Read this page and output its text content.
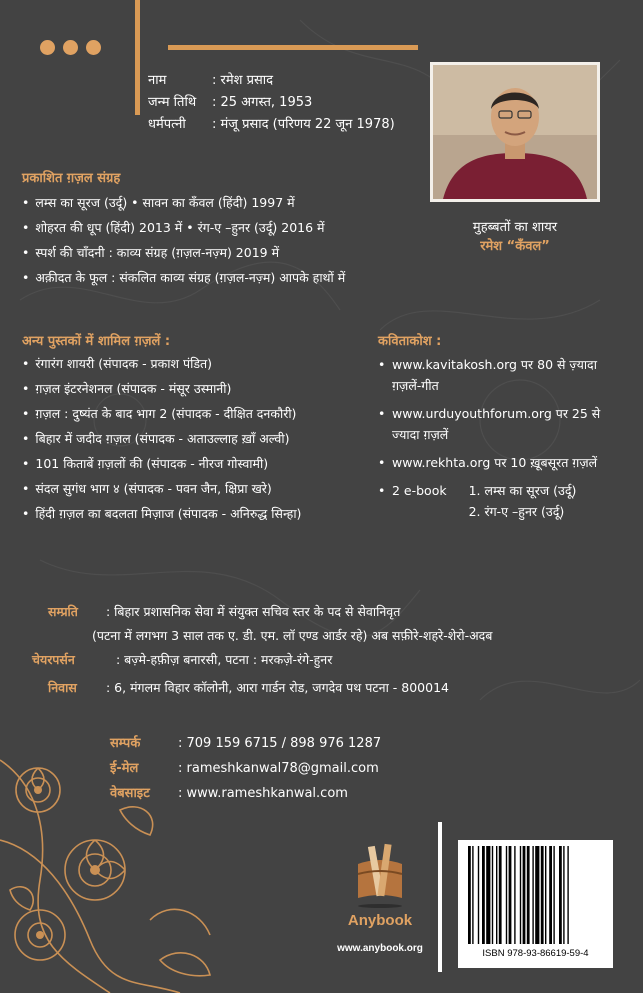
नाम	: रमेश प्रसाद
जन्म तिथि	: 25 अगस्त, 1953
धर्मपत्नी	: मंजू प्रसाद (परिणय 22 जून 1978)
मुहब्बतों का शायर
रमेश “कँवल”
प्रकाशित ग़ज़ल संग्रह
• लम्स का सूरज (उर्दू) • सावन का कँवल (हिंदी) 1997 में
• शोहरत की धूप (हिंदी) 2013 में • रंग-ए –हुनर (उर्दू) 2016 में
• स्पर्श की चाँदनी : काव्य संग्रह (ग़ज़ल-नज़्म) 2019 में
• अक़ीदत के फूल : संकलित काव्य संग्रह (ग़ज़ल-नज़्म) आपके हाथों में
अन्य पुस्तकों में शामिल ग़ज़लें :
• रंगारंग शायरी (संपादक - प्रकाश पंडित)
• ग़ज़ल इंटरनेशनल (संपादक - मंसूर उस्मानी)
• ग़ज़ल : दुष्यंत के बाद भाग 2 (संपादक - दीक्षित दनकौरी)
• बिहार में जदीद ग़ज़ल (संपादक - अताउल्लाह ख़ाँ अल्वी)
• 101 किताबें ग़ज़लों की (संपादक - नीरज गोस्वामी)
• संदल सुगंध भाग ४ (संपादक - पवन जैन, क्षिप्रा खरे)
• हिंदी ग़ज़ल का बदलता मिज़ाज (संपादक - अनिरुद्ध सिन्हा)
कविताकोश :
• www.kavitakosh.org पर 80 से ज़्यादा ग़ज़लें-गीत
• www.urduyouthforum.org पर 25 से ज्यादा ग़ज़लें
• www.rekhta.org पर 10 ख़ूबसूरत ग़ज़लें
• 2 e-book 1. लम्स का सूरज (उर्दू)
2. रंग-ए –हुनर (उर्दू)
सम्प्रति : बिहार प्रशासनिक सेवा में संयुक्त सचिव स्तर के पद से सेवानिवृत
(पटना में लगभग 3 साल तक ए. डी. एम. लॉ एण्ड आर्डर रहे) अब सफ़ीरे-शहरे-शेरो-अदब
चेयरपर्सन	: बज़्मे-हफ़ीज़ बनारसी, पटना : मरकज़े-रंगे-हुनर
निवास : 6, मंगलम विहार कॉलोनी, आरा गार्डन रोड, जगदेव पथ पटना - 800014
सम्पर्क	: 709 159 6715 / 898 976 1287
ई-मेल	: rameshkanwal78@gmail.com
वेबसाइट : www.rameshkanwal.com
Anybook
www.anybook.org	ISBN 978-93-86619-59-4
